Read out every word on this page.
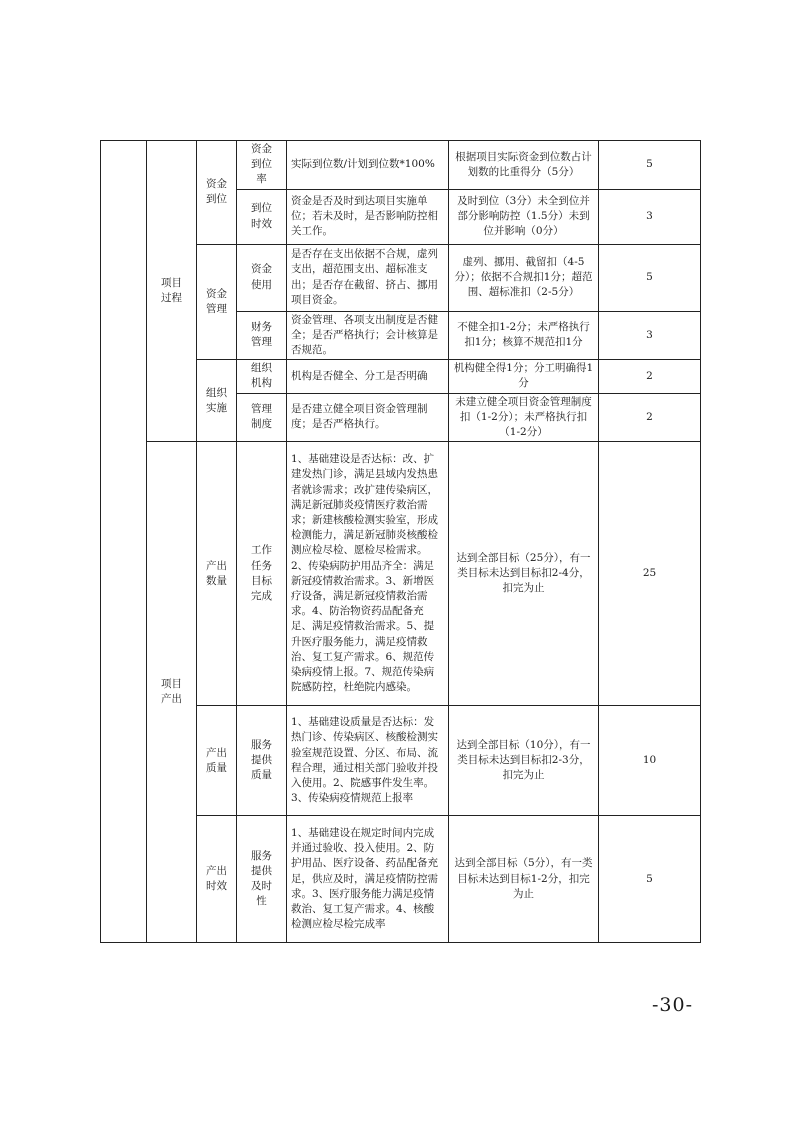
	项目过程	资金到位	资金到位率	实际到位数/计划到位数*100%	根据项目实际资金到位数占计划数的比重得分（5分）	5
			到位时效	资金是否及时到达项目实施单位；若未及时，是否影响防控相关工作。	及时到位（3分）未全到位并部分影响防控（1.5分）未到位并影响（0分）	3
		资金管理	资金使用	是否存在支出依据不合规，虚列支出，超范围支出、超标准支出；是否存在截留、挤占、挪用项目资金。	虚列、挪用、截留扣（4-5分）；依据不合规扣1分；超范围、超标准扣（2-5分）	5
			财务管理	资金管理、各项支出制度是否健全；是否严格执行；会计核算是否规范。	不健全扣1-2分；未严格执行扣1分；核算不规范扣1分	3
		组织实施	组织机构	机构是否健全、分工是否明确	机构健全得1分；分工明确得1分	2
			管理制度	是否建立健全项目资金管理制度；是否严格执行。	未建立健全项目资金管理制度扣（1-2分）；未严格执行扣（1-2分）	2
	项目产出	产出数量	工作任务目标完成	1、基础建设是否达标：改、扩建发热门诊，满足县域内发热患者就诊需求；改扩建传染病区，满足新冠肺炎疫情医疗救治需求；新建核酸检测实验室，形成检测能力，满足新冠肺炎核酸检测应检尽检、愿检尽检需求。2、传染病防护用品齐全：满足新冠疫情救治需求。3、新增医疗设备，满足新冠疫情救治需求。4、防治物资药品配备充足、满足疫情救治需求。5、提升医疗服务能力，满足疫情救治、复工复产需求。6、规范传染病疫情上报。7、规范传染病院感防控，杜绝院内感染。	达到全部目标（25分），有一类目标未达到目标扣2-4分，扣完为止	25
		产出质量	服务提供质量	1、基础建设质量是否达标：发热门诊、传染病区、核酸检测实验室规范设置、分区、布局、流程合理，通过相关部门验收并投入使用。2、院感事件发生率。3、传染病疫情规范上报率	达到全部目标（10分），有一类目标未达到目标扣2-3分，扣完为止	10
		产出时效	服务提供及时性	1、基础建设在规定时间内完成并通过验收、投入使用。2、防护用品、医疗设备、药品配备充足，供应及时，满足疫情防控需求。3、医疗服务能力满足疫情救治、复工复产需求。4、核酸检测应检尽检完成率	达到全部目标（5分），有一类目标未达到目标1-2分，扣完为止	5
-30-
